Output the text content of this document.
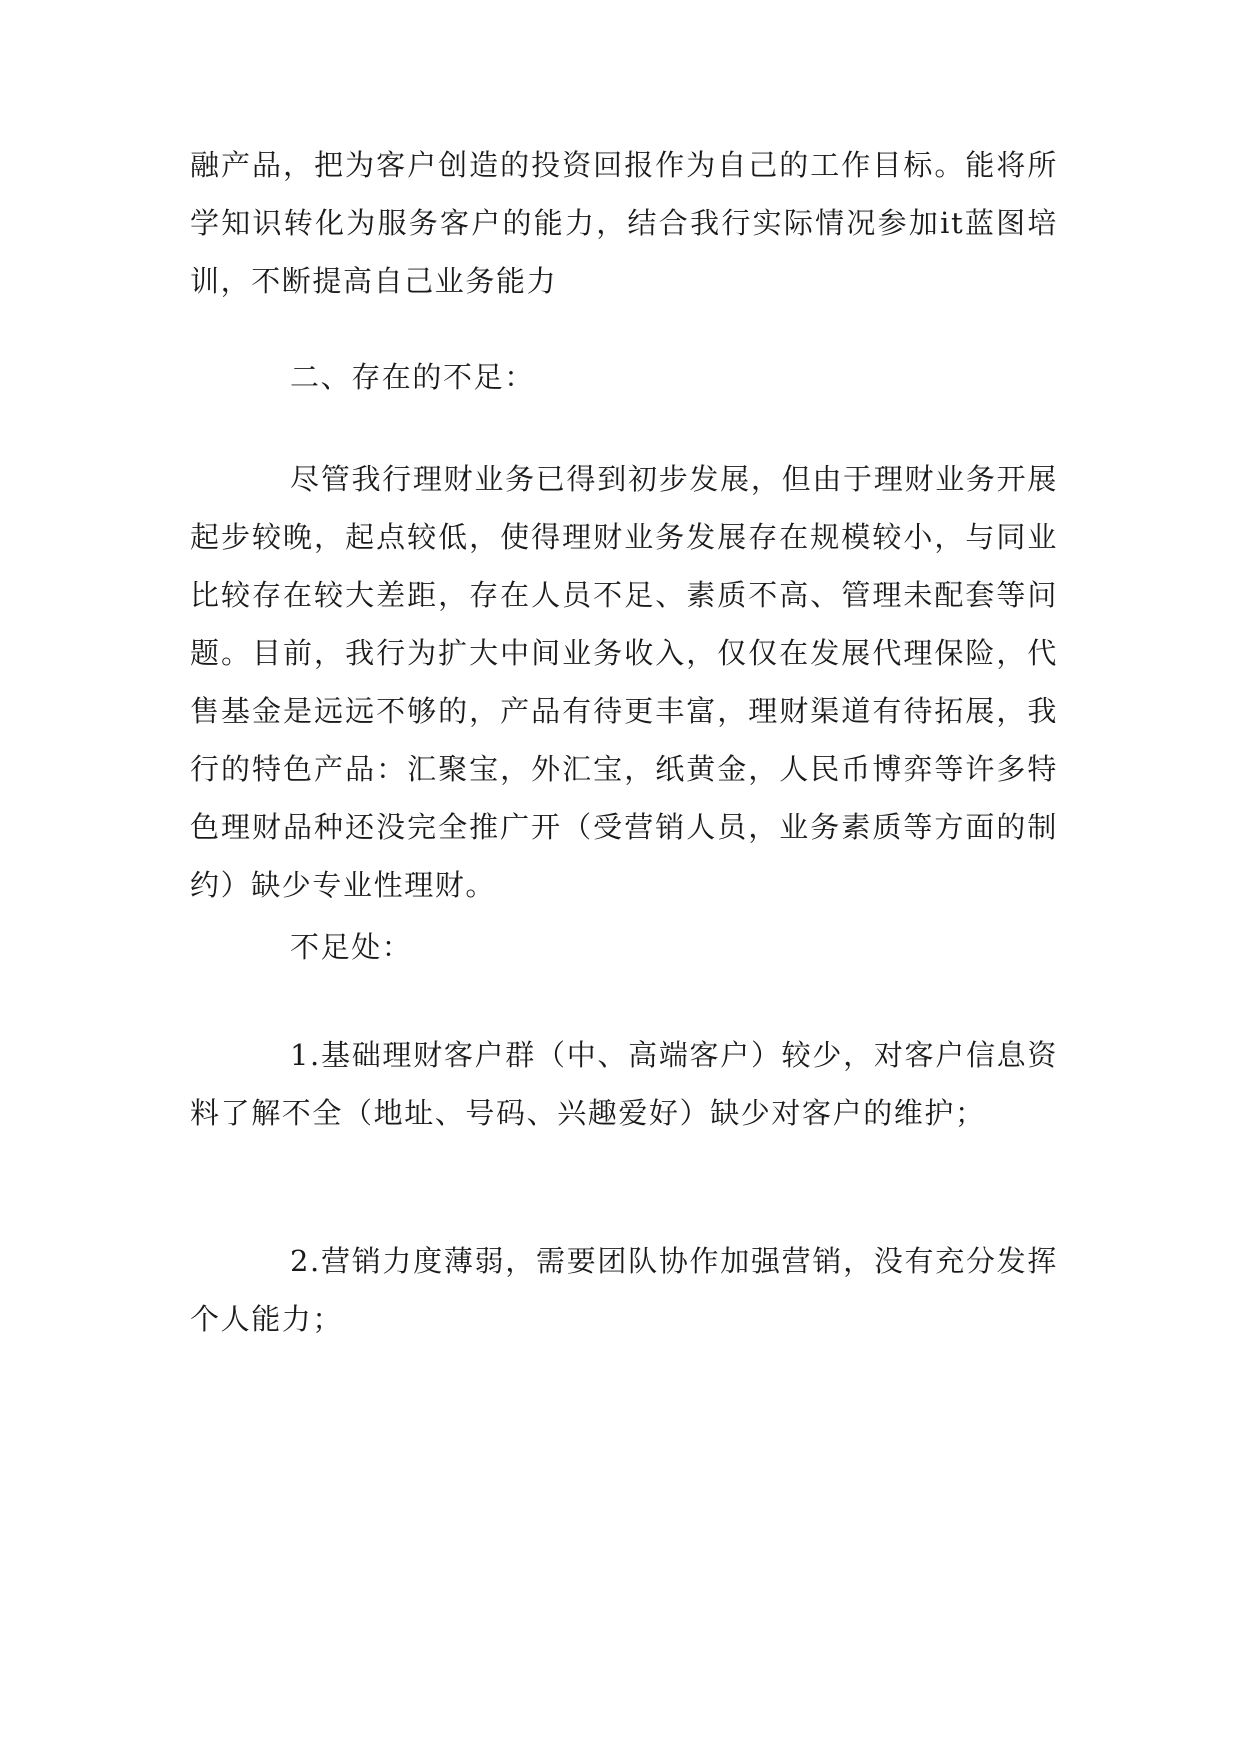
融产品，把为客户创造的投资回报作为自己的工作目标。能将所学知识转化为服务客户的能力，结合我行实际情况参加it蓝图培训，不断提高自己业务能力

二、存在的不足：

尽管我行理财业务已得到初步发展，但由于理财业务开展起步较晚，起点较低，使得理财业务发展存在规模较小，与同业比较存在较大差距，存在人员不足、素质不高、管理未配套等问题。目前，我行为扩大中间业务收入，仅仅在发展代理保险，代售基金是远远不够的，产品有待更丰富，理财渠道有待拓展，我行的特色产品：汇聚宝，外汇宝，纸黄金，人民币博弈等许多特色理财品种还没完全推广开（受营销人员，业务素质等方面的制约）缺少专业性理财。

不足处：

1.基础理财客户群（中、高端客户）较少，对客户信息资料了解不全（地址、号码、兴趣爱好）缺少对客户的维护；

2.营销力度薄弱，需要团队协作加强营销，没有充分发挥个人能力；
